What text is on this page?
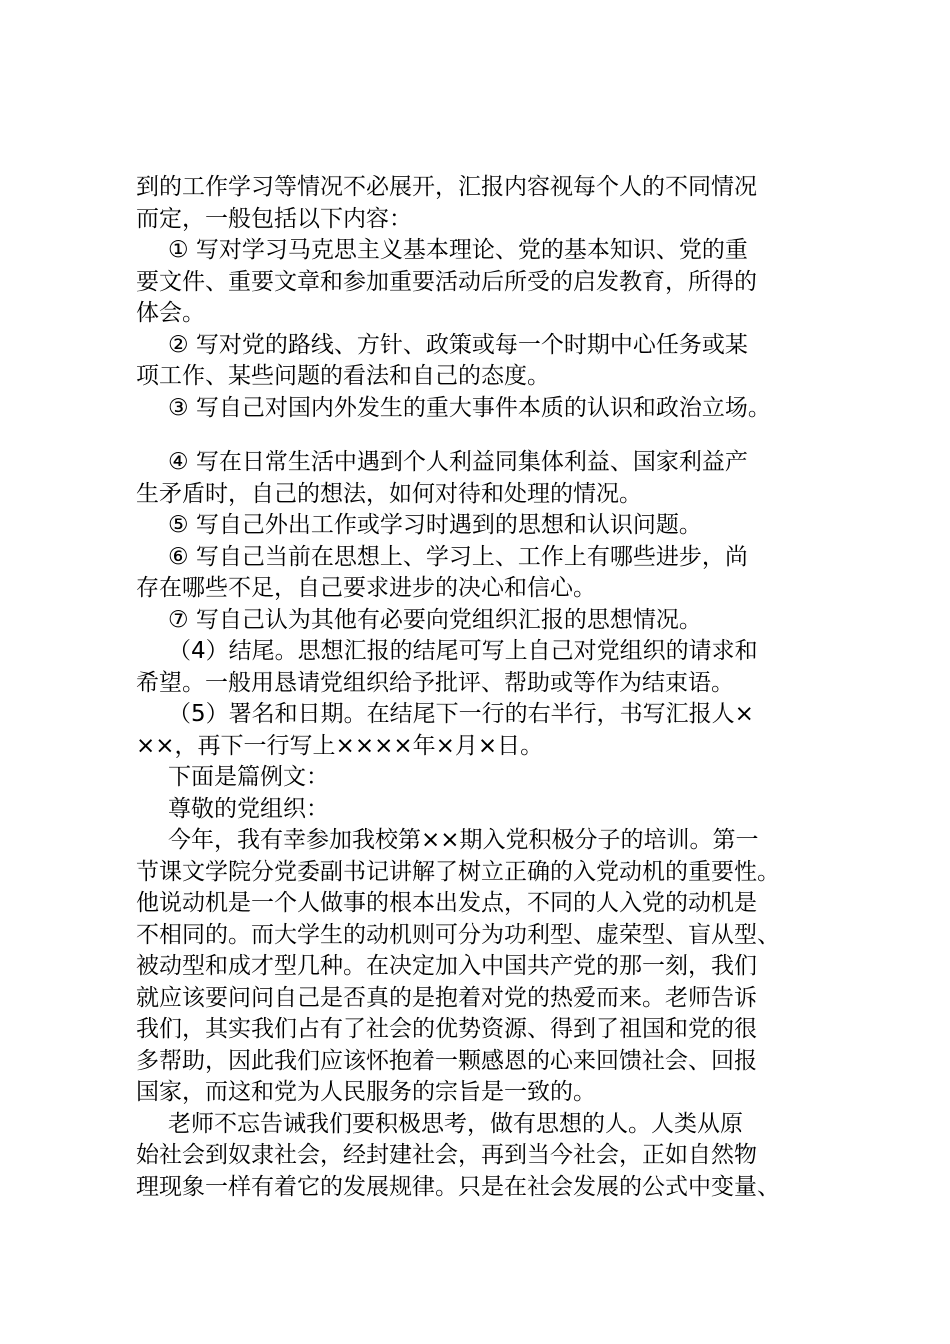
到的工作学习等情况不必展开，汇报内容视每个人的不同情况
而定，一般包括以下内容：
① 写对学习马克思主义基本理论、党的基本知识、党的重
要文件、重要文章和参加重要活动后所受的启发教育，所得的
体会。
② 写对党的路线、方针、政策或每一个时期中心任务或某
项工作、某些问题的看法和自己的态度。
③ 写自己对国内外发生的重大事件本质的认识和政治立场。
④ 写在日常生活中遇到个人利益同集体利益、国家利益产
生矛盾时，自己的想法，如何对待和处理的情况。
⑤ 写自己外出工作或学习时遇到的思想和认识问题。
⑥ 写自己当前在思想上、学习上、工作上有哪些进步，尚
存在哪些不足，自己要求进步的决心和信心。
⑦ 写自己认为其他有必要向党组织汇报的思想情况。
（4）结尾。思想汇报的结尾可写上自己对党组织的请求和
希望。一般用恳请党组织给予批评、帮助或等作为结束语。
（5）署名和日期。在结尾下一行的右半行，书写汇报人×
××，再下一行写上××××年×月×日。
下面是篇例文：
尊敬的党组织：
今年，我有幸参加我校第××期入党积极分子的培训。第一
节课文学院分党委副书记讲解了树立正确的入党动机的重要性。
他说动机是一个人做事的根本出发点，不同的人入党的动机是
不相同的。而大学生的动机则可分为功利型、虚荣型、盲从型、
被动型和成才型几种。在决定加入中国共产党的那一刻，我们
就应该要问问自己是否真的是抱着对党的热爱而来。老师告诉
我们，其实我们占有了社会的优势资源、得到了祖国和党的很
多帮助，因此我们应该怀抱着一颗感恩的心来回馈社会、回报
国家，而这和党为人民服务的宗旨是一致的。
老师不忘告诫我们要积极思考，做有思想的人。人类从原
始社会到奴隶社会，经封建社会，再到当今社会，正如自然物
理现象一样有着它的发展规律。只是在社会发展的公式中变量、
